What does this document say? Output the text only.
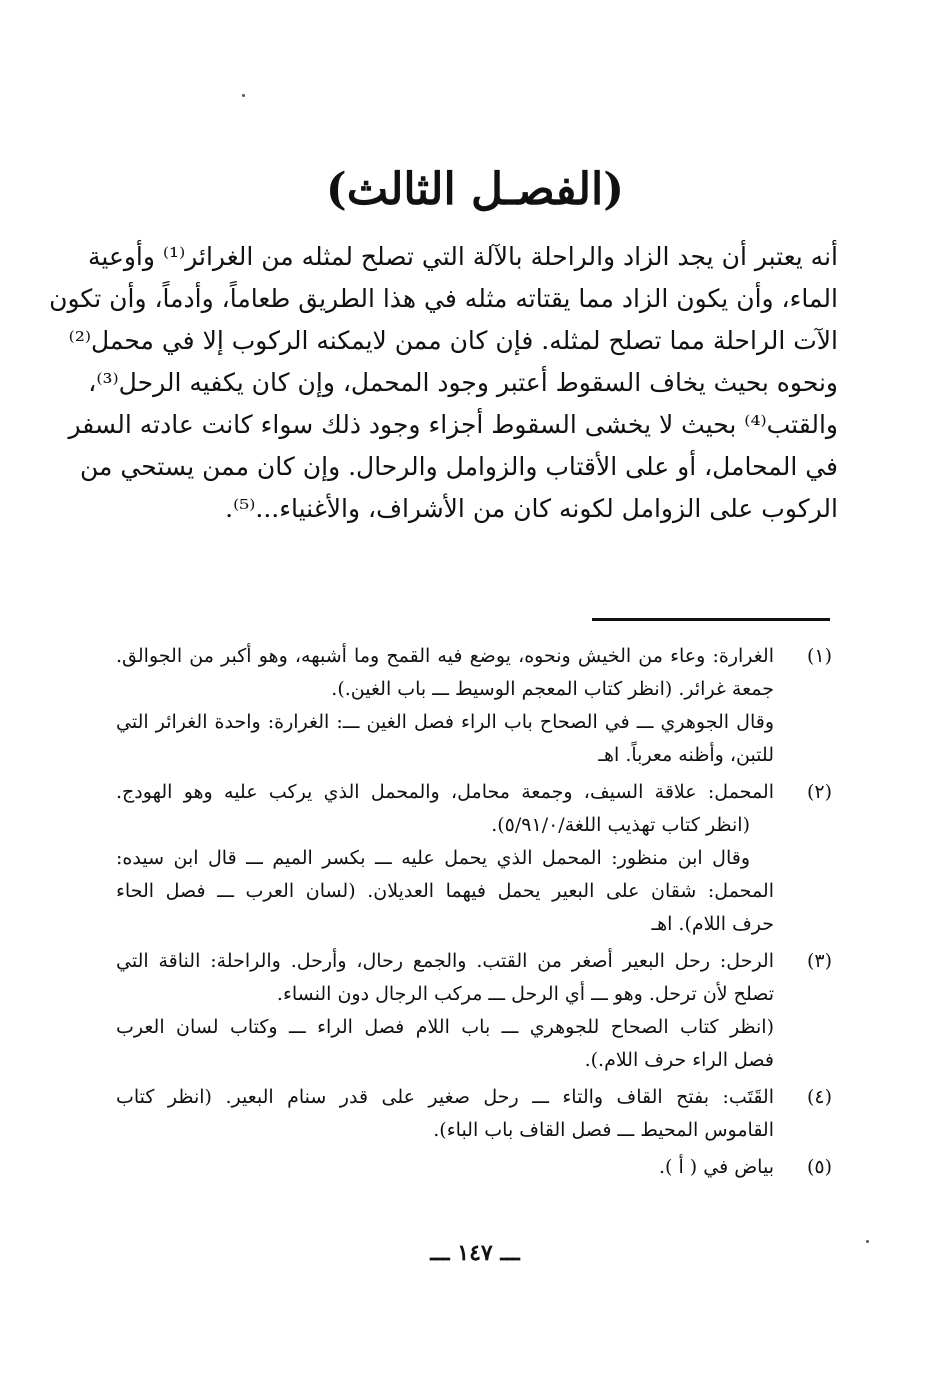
(الفصـل الثالث)
أنه يعتبر أن يجد الزاد والراحلة بالآلة التي تصلح لمثله من الغرائر⁽¹⁾ وأوعية
الماء، وأن يكون الزاد مما يقتاته مثله في هذا الطريق طعاماً، وأدماً، وأن تكون
الآت الراحلة مما تصلح لمثله. فإن كان ممن لايمكنه الركوب إلا في محمل⁽²⁾
ونحوه بحيث يخاف السقوط أعتبر وجود المحمل، وإن كان يكفيه الرحل⁽³⁾،
والقتب⁽⁴⁾ بحيث لا يخشى السقوط أجزاء وجود ذلك سواء كانت عادته السفر
في المحامل، أو على الأقتاب والزوامل والرحال. وإن كان ممن يستحي من
الركوب على الزوامل لكونه كان من الأشراف، والأغنياء...⁽⁵⁾.
(١)
الغرارة: وعاء من الخيش ونحوه، يوضع فيه القمح وما أشبهه، وهو أكبر من الجوالق.
جمعة غرائر. (انظر كتاب المعجم الوسيط ـــ باب الغين.).
وقال الجوهري ـــ في الصحاح باب الراء فصل الغين ـــ: الغرارة: واحدة الغرائر التي
للتبن، وأظنه معرباً. اهـ
(٢)
المحمل: علاقة السيف، وجمعة محامل، والمحمل الذي يركب عليه وهو الهودج.
(انظر كتاب تهذيب اللغة/٥/٩١/٠).
وقال ابن منظور: المحمل الذي يحمل عليه ـــ بكسر الميم ـــ قال ابن سيده:
المحمل: شقان على البعير يحمل فيهما العديلان. (لسان العرب ـــ فصل الحاء
حرف اللام). اهـ
(٣)
الرحل: رحل البعير أصغر من القتب. والجمع رحال، وأرحل. والراحلة: الناقة التي
تصلح لأن ترحل. وهو ـــ أي الرحل ـــ مركب الرجال دون النساء.
(انظر كتاب الصحاح للجوهري ـــ باب اللام فصل الراء ـــ وكتاب لسان العرب
فصل الراء حرف اللام.).
(٤)
القَتَب: بفتح القاف والتاء ـــ رحل صغير على قدر سنام البعير. (انظر كتاب
القاموس المحيط ـــ فصل القاف باب الباء).
(٥)
بياض في ( أ ).
ـــ ١٤٧ ـــ
